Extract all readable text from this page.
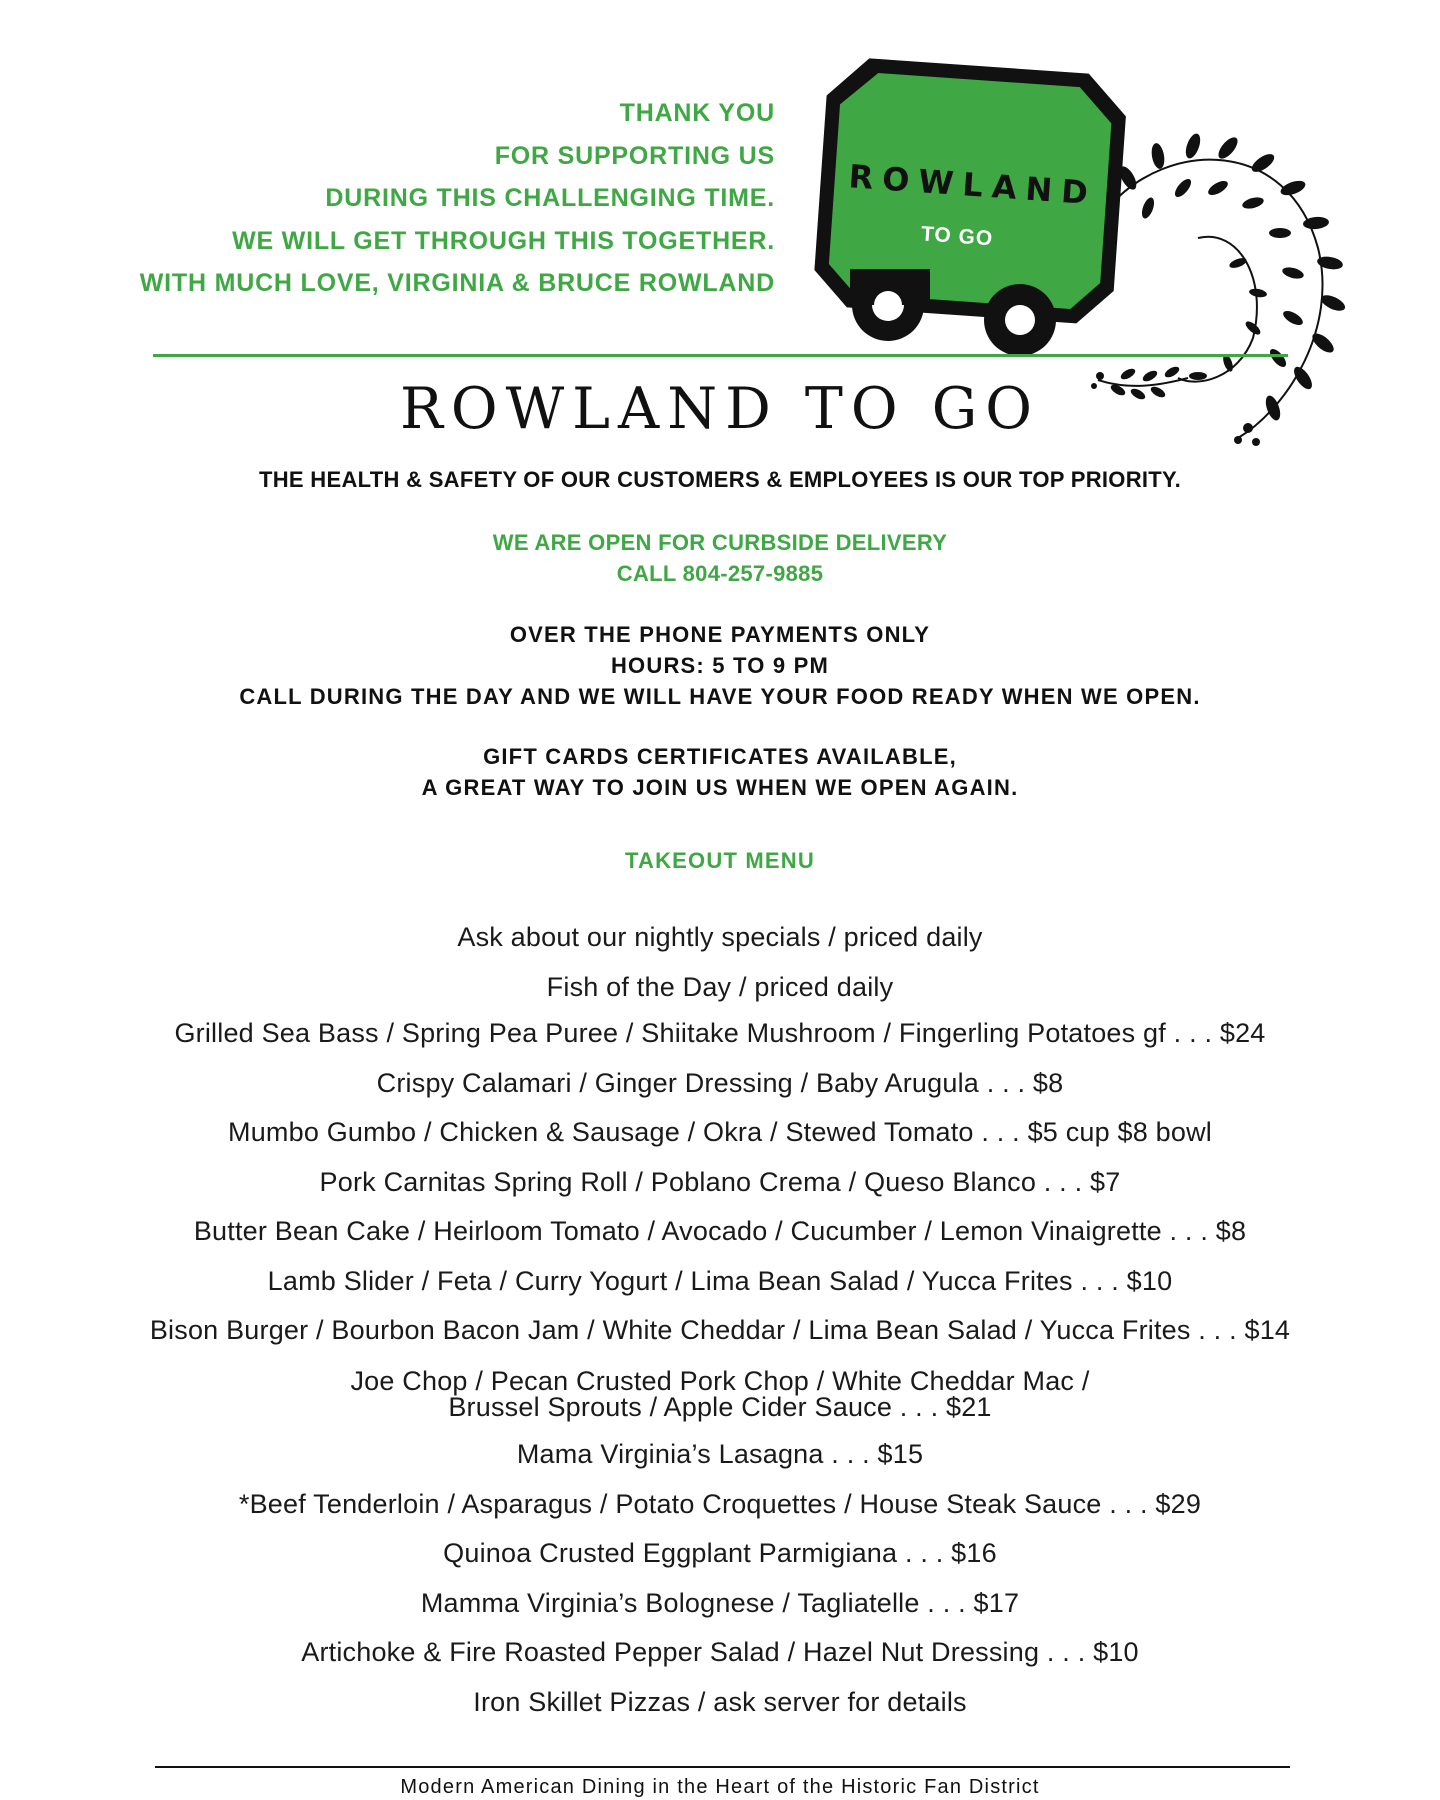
THANK YOU
FOR SUPPORTING US
DURING THIS CHALLENGING TIME.
WE WILL GET THROUGH THIS TOGETHER.
WITH MUCH LOVE, VIRGINIA & BRUCE ROWLAND
ROWLAND
TO GO
ROWLAND TO GO
THE HEALTH & SAFETY OF OUR CUSTOMERS & EMPLOYEES IS OUR TOP PRIORITY.
WE ARE OPEN FOR CURBSIDE DELIVERY
CALL 804-257-9885
OVER THE PHONE PAYMENTS ONLY
HOURS: 5 TO 9 PM
CALL DURING THE DAY AND WE WILL HAVE YOUR FOOD READY WHEN WE OPEN.
GIFT CARDS CERTIFICATES AVAILABLE,
A GREAT WAY TO JOIN US WHEN WE OPEN AGAIN.
TAKEOUT MENU
Ask about our nightly specials / priced daily
Fish of the Day / priced daily
Grilled Sea Bass / Spring Pea Puree / Shiitake Mushroom / Fingerling Potatoes gf . . . $24
Crispy Calamari / Ginger Dressing / Baby Arugula . . . $8
Mumbo Gumbo / Chicken & Sausage / Okra / Stewed Tomato . . . $5 cup $8 bowl
Pork Carnitas Spring Roll / Poblano Crema / Queso Blanco . . . $7
Butter Bean Cake / Heirloom Tomato / Avocado / Cucumber / Lemon Vinaigrette . . . $8
Lamb Slider / Feta / Curry Yogurt / Lima Bean Salad / Yucca Frites . . . $10
Bison Burger / Bourbon Bacon Jam / White Cheddar / Lima Bean Salad / Yucca Frites . . . $14
Joe Chop / Pecan Crusted Pork Chop / White Cheddar Mac /
Brussel Sprouts / Apple Cider Sauce . . . $21
Mama Virginia’s Lasagna . . . $15
*Beef Tenderloin / Asparagus / Potato Croquettes / House Steak Sauce . . . $29
Quinoa Crusted Eggplant Parmigiana . . . $16
Mamma Virginia’s Bolognese / Tagliatelle . . . $17
Artichoke & Fire Roasted Pepper Salad / Hazel Nut Dressing . . . $10
Iron Skillet Pizzas / ask server for details
Modern American Dining in the Heart of the Historic Fan District
